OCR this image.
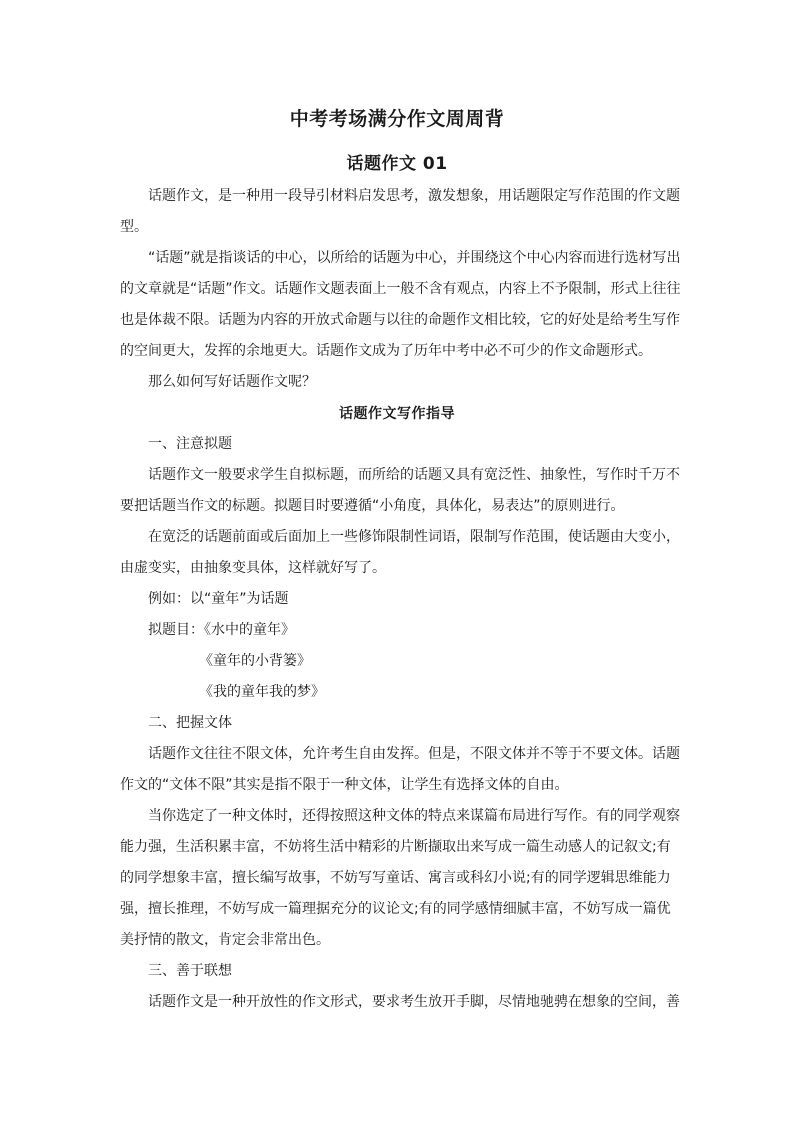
中考考场满分作文周周背
话题作文 01
话题作文，是一种用一段导引材料启发思考，激发想象，用话题限定写作范围的作文题
型。
“话题”就是指谈话的中心，以所给的话题为中心，并围绕这个中心内容而进行选材写出
的文章就是“话题”作文。话题作文题表面上一般不含有观点，内容上不予限制，形式上往往
也是体裁不限。话题为内容的开放式命题与以往的命题作文相比较，它的好处是给考生写作
的空间更大，发挥的余地更大。话题作文成为了历年中考中必不可少的作文命题形式。
那么如何写好话题作文呢？
话题作文写作指导
一、注意拟题
话题作文一般要求学生自拟标题，而所给的话题又具有宽泛性、抽象性，写作时千万不
要把话题当作文的标题。拟题目时要遵循“小角度，具体化，易表达”的原则进行。
在宽泛的话题前面或后面加上一些修饰限制性词语，限制写作范围，使话题由大变小，
由虚变实，由抽象变具体，这样就好写了。
例如：以“童年”为话题
拟题目：《水中的童年》
《童年的小背篓》
《我的童年我的梦》
二、把握文体
话题作文往往不限文体，允许考生自由发挥。但是，不限文体并不等于不要文体。话题
作文的“文体不限”其实是指不限于一种文体，让学生有选择文体的自由。
当你选定了一种文体时，还得按照这种文体的特点来谋篇布局进行写作。有的同学观察
能力强，生活积累丰富，不妨将生活中精彩的片断撷取出来写成一篇生动感人的记叙文;有
的同学想象丰富，擅长编写故事，不妨写写童话、寓言或科幻小说;有的同学逻辑思维能力
强，擅长推理，不妨写成一篇理据充分的议论文;有的同学感情细腻丰富，不妨写成一篇优
美抒情的散文，肯定会非常出色。
三、善于联想
话题作文是一种开放性的作文形式，要求考生放开手脚，尽情地驰骋在想象的空间，善
